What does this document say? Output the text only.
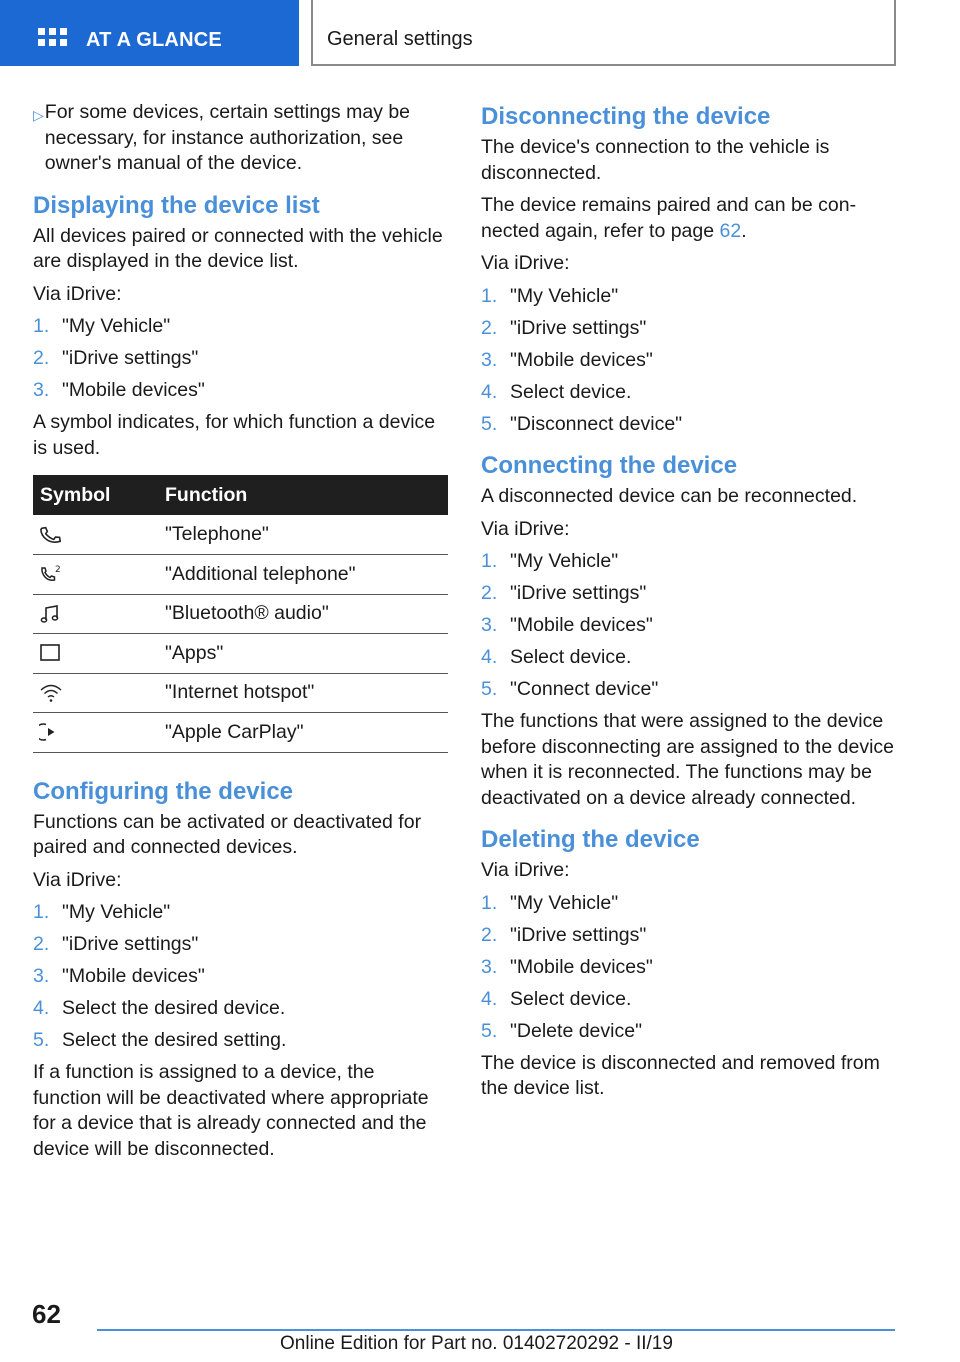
AT A GLANCE	General settings
▷ For some devices, certain settings may be necessary, for instance authorization, see owner's manual of the device.
Displaying the device list

All devices paired or connected with the vehicle are displayed in the device list.

Via iDrive:

1. "My Vehicle"
2. "iDrive settings"
3. "Mobile devices"

A symbol indicates, for which function a device is used.

Symbol	Function

	"Telephone"

2	"Additional telephone"

	"Bluetooth® audio"

	"Apps"

	"Internet hotspot"

	"Apple CarPlay"
Configuring the device

Functions can be activated or deactivated for paired and connected devices.

Via iDrive:

1. "My Vehicle"
2. "iDrive settings"
3. "Mobile devices"
4. Select the desired device.
5. Select the desired setting.

If a function is assigned to a device, the function will be deactivated where appropriate for a device that is already connected and the device will be disconnected.

Disconnecting the device

The device's connection to the vehicle is disconnected.

The device remains paired and can be connected again, refer to page 62.

Via iDrive:

1. "My Vehicle"
2. "iDrive settings"
3. "Mobile devices"
4. Select device.
5. "Disconnect device"
Connecting the device

A disconnected device can be reconnected.

Via iDrive:

1. "My Vehicle"
2. "iDrive settings"
3. "Mobile devices"
4. Select device.
5. "Connect device"

The functions that were assigned to the device before disconnecting are assigned to the device when it is reconnected. The functions may be deactivated on a device already connected.

Deleting the device

Via iDrive:

1. "My Vehicle"
2. "iDrive settings"
3. "Mobile devices"
4. Select device.
5. "Delete device"

The device is disconnected and removed from the device list.

62
Online Edition for Part no. 01402720292 - II/19
